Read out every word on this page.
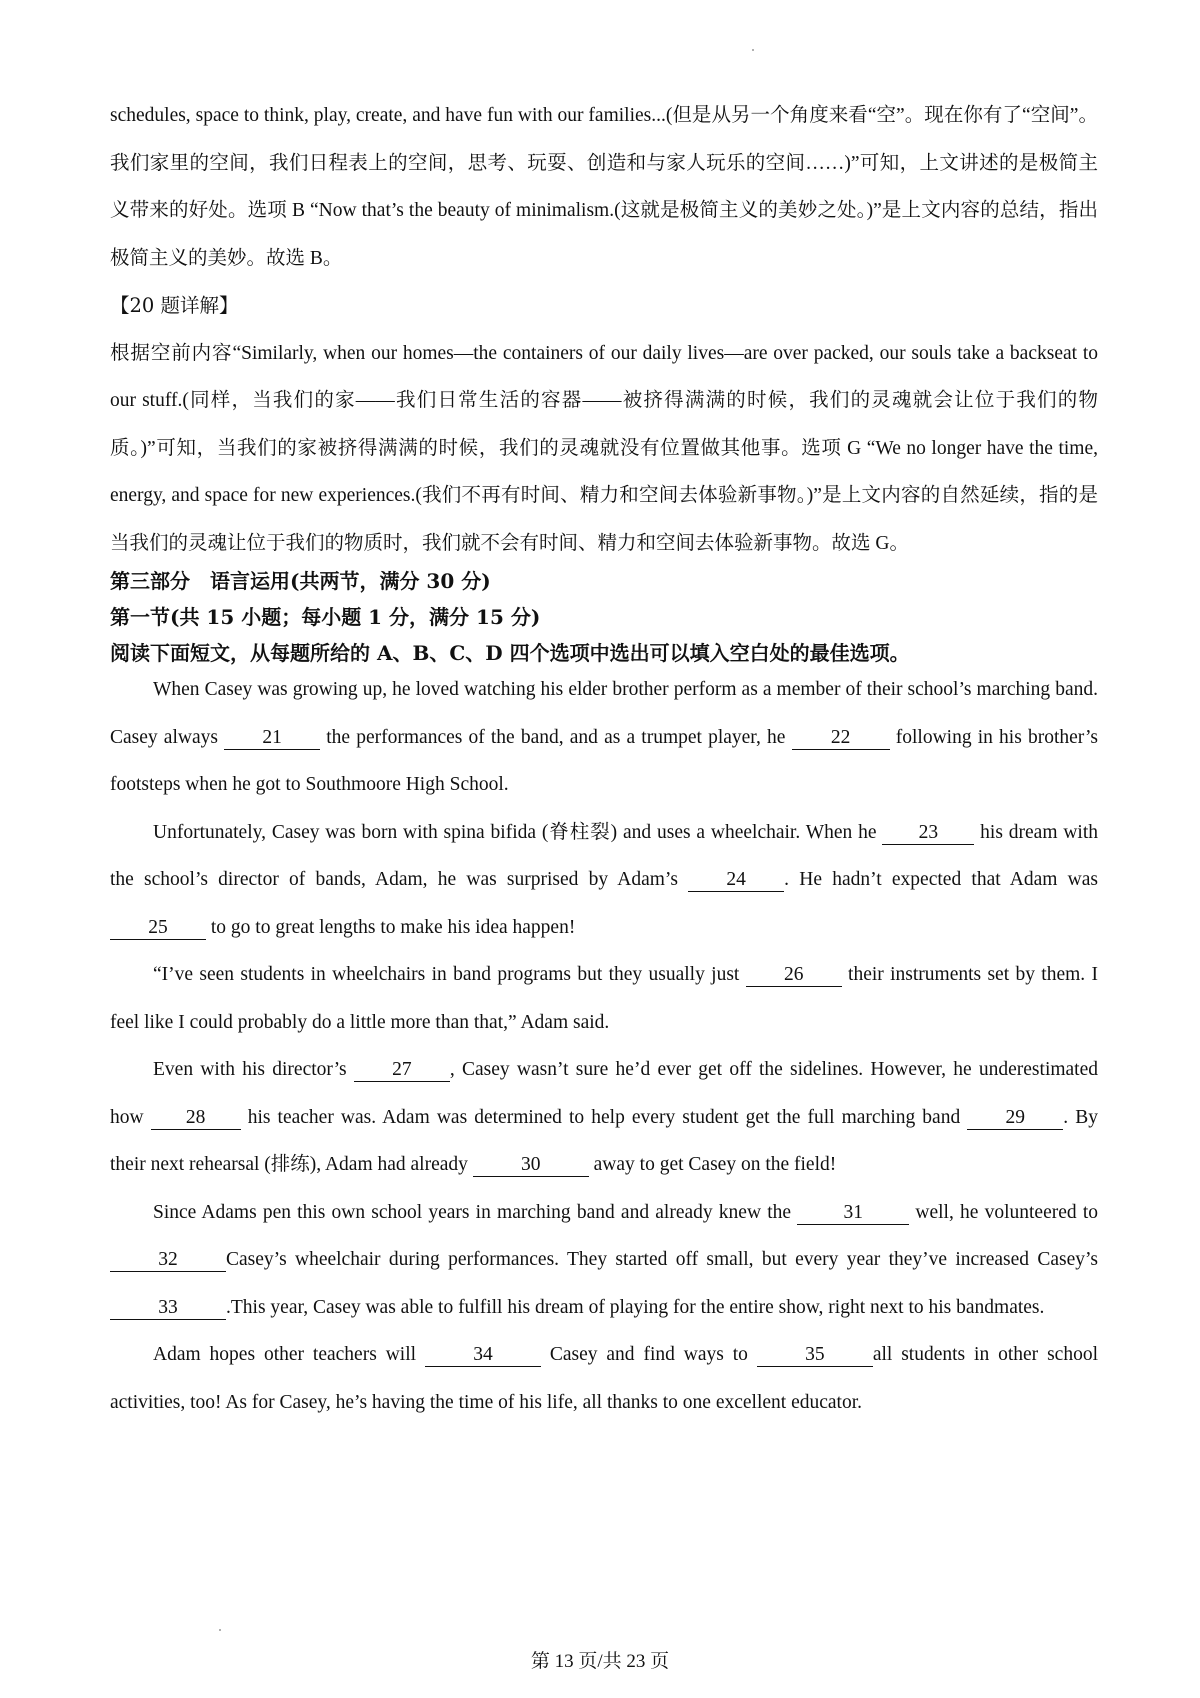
schedules, space to think, play, create, and have fun with our families...(但是从另一个角度来看“空”。现在你有了“空间”。我们家里的空间，我们日程表上的空间，思考、玩耍、创造和与家人玩乐的空间……)”可知，上文讲述的是极简主义带来的好处。选项 B “Now that’s the beauty of minimalism.(这就是极简主义的美妙之处。)”是上文内容的总结，指出极简主义的美妙。故选 B。

【20 题详解】

根据空前内容“Similarly, when our homes—the containers of our daily lives—are over packed, our souls take a backseat to our stuff.(同样，当我们的家——我们日常生活的容器——被挤得满满的时候，我们的灵魂就会让位于我们的物质。)”可知，当我们的家被挤得满满的时候，我们的灵魂就没有位置做其他事。选项 G “We no longer have the time, energy, and space for new experiences.(我们不再有时间、精力和空间去体验新事物。)”是上文内容的自然延续，指的是当我们的灵魂让位于我们的物质时，我们就不会有时间、精力和空间去体验新事物。故选 G。

第三部分　语言运用(共两节，满分 30 分)
第一节(共 15 小题；每小题 1 分，满分 15 分)
阅读下面短文，从每题所给的 A、B、C、D 四个选项中选出可以填入空白处的最佳选项。

When Casey was growing up, he loved watching his elder brother perform as a member of their school’s marching band. Casey always 21 the performances of the band, and as a trumpet player, he 22 following in his brother’s footsteps when he got to Southmoore High School.

Unfortunately, Casey was born with spina bifida (脊柱裂) and uses a wheelchair. When he 23 his dream with the school’s director of bands, Adam, he was surprised by Adam’s 24 . He hadn’t expected that Adam was 25 to go to great lengths to make his idea happen!

“I’ve seen students in wheelchairs in band programs but they usually just 26 their instruments set by them. I feel like I could probably do a little more than that,” Adam said.

Even with his director’s 27 , Casey wasn’t sure he’d ever get off the sidelines. However, he underestimated how 28 his teacher was. Adam was determined to help every student get the full marching band 29 . By their next rehearsal (排练), Adam had already 30 away to get Casey on the field!

Since Adams pen this own school years in marching band and already knew the 31 well, he volunteered to 32 Casey’s wheelchair during performances. They started off small, but every year they’ve increased Casey’s 33 .This year, Casey was able to fulfill his dream of playing for the entire show, right next to his bandmates.

Adam hopes other teachers will 34 Casey and find ways to 35 all students in other school activities, too! As for Casey, he’s having the time of his life, all thanks to one excellent educator.

第 13 页/共 23 页
